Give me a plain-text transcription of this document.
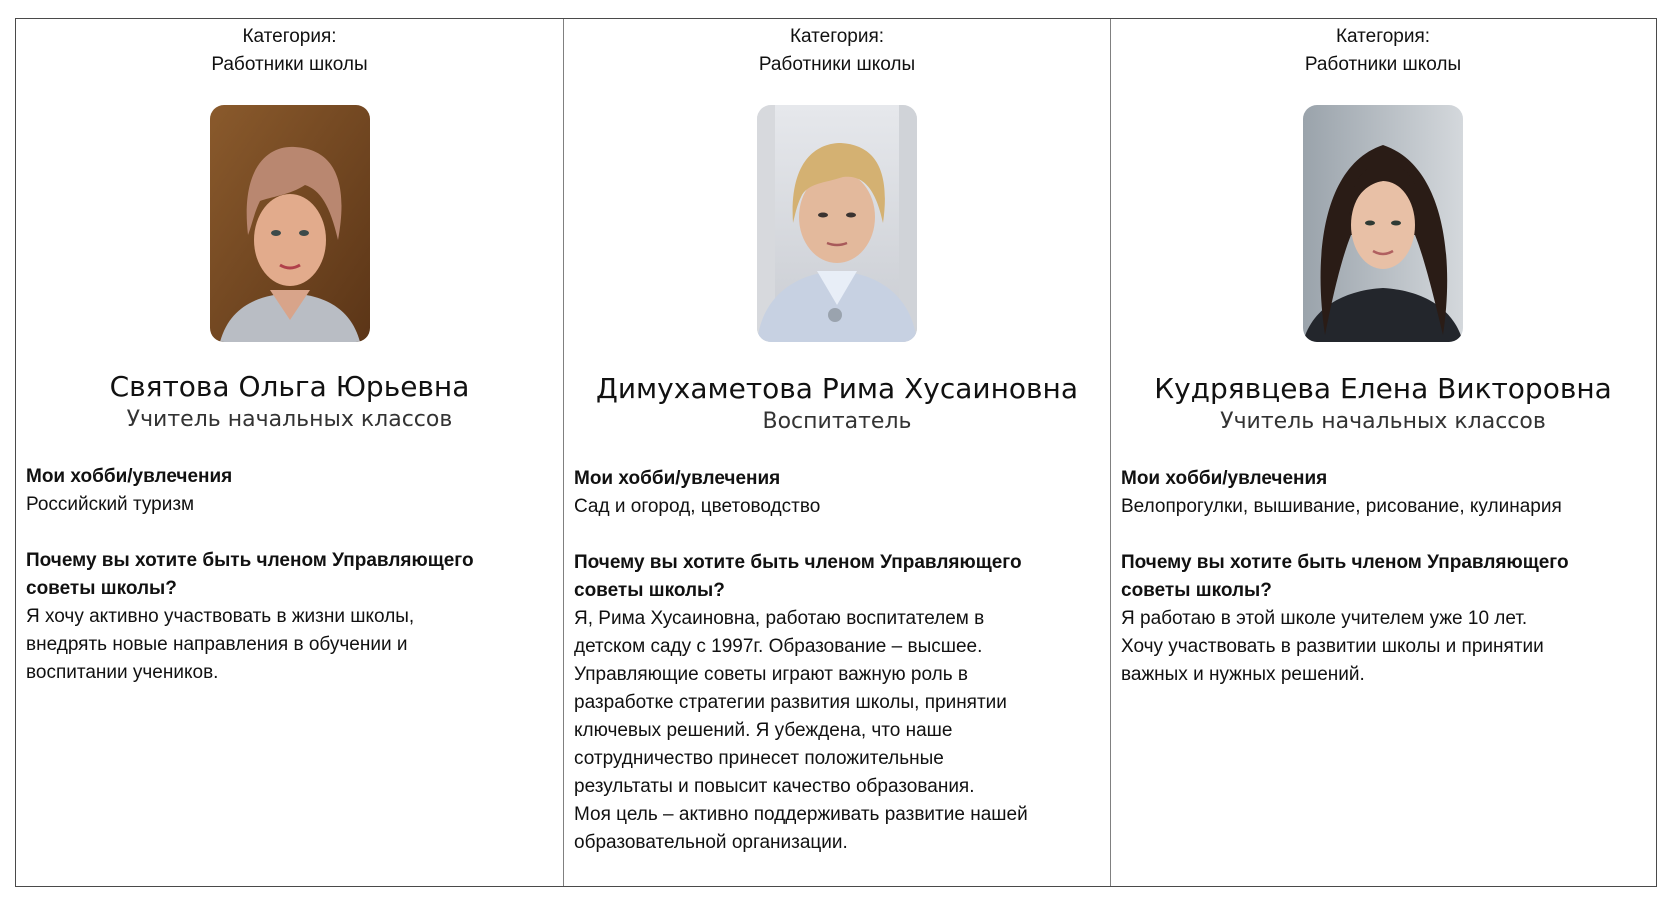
Категория:
Работники школы
Святова Ольга Юрьевна
Учитель начальных классов
Мои хобби/увлечения
Российский туризм
Почему вы хотите быть членом Управляющего
советы школы?
Я хочу активно участвовать в жизни школы,
внедрять новые направления в обучении и
воспитании учеников.
Категория:
Работники школы
Димухаметова Рима Хусаиновна
Воспитатель
Мои хобби/увлечения
Сад и огород, цветоводство
Почему вы хотите быть членом Управляющего
советы школы?
Я, Рима Хусаиновна, работаю воспитателем в
детском саду с 1997г. Образование – высшее.
Управляющие советы играют важную роль в
разработке стратегии развития школы, принятии
ключевых решений. Я убеждена, что наше
сотрудничество принесет положительные
результаты и повысит качество образования.
Моя цель – активно поддерживать развитие нашей
образовательной организации.
Категория:
Работники школы
Кудрявцева Елена Викторовна
Учитель начальных классов
Мои хобби/увлечения
Велопрогулки, вышивание, рисование, кулинария
Почему вы хотите быть членом Управляющего
советы школы?
Я работаю в этой школе учителем уже 10 лет.
Хочу участвовать в развитии школы и принятии
важных и нужных решений.
